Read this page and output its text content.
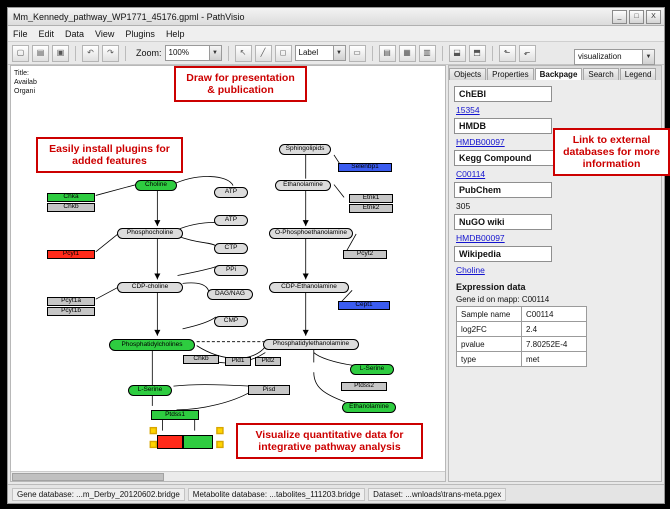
Mm_Kennedy_pathway_WP1771_45176.gpml - PathVisio	_	□	X
File Edit Data View Plugins Help
▢	▤	▣	↶	↷	Zoom: 100%	▼	↖	╱	◻	Label	▼	▭	▤	▦	▥	⬓	⬒	⬑	⬐	visualization	▼
Title:
Availab
Organi
Draw for presentation & publication
Easily install plugins for added features
Visualize quantitative data for integrative pathway analysis
Sphingolipids
Ethanolamine
Choline
ATP
ATP
Phosphocholine	O-Phosphoethanolamine
CTP
PPi
CDP-choline	CDP-Ethanolamine
DAG/NAG
CMP
Phosphatidylcholines	Phosphatidylethanolamine
L-Serine
L-Serine
Ethanolamine
Chka
Chkb
Etnk1
Etnk2
Selenbp1
Pcyt1	Pcyt2
Pcyt1a
Pcyt1b
Cept1
Chkb
Pisd	Ptdss2
Ptdss1
Pld1	Pld2
Objects	Properties	Backpage	Search	Legend
ChEBI
15354
HMDB
HMDB00097
Kegg Compound
C00114
PubChem
305
NuGO wiki
HMDB00097
Wikipedia
Choline
Expression data
Gene id on mapp: C00114
Sample name	C00114
log2FC	2.4
pvalue	7.80252E-4
type	met
Link to external databases for more information
Gene database: ...m_Derby_20120602.bridge	Metabolite database: ...tabolites_111203.bridge	Dataset: ...wnloads\trans-meta.pgex
